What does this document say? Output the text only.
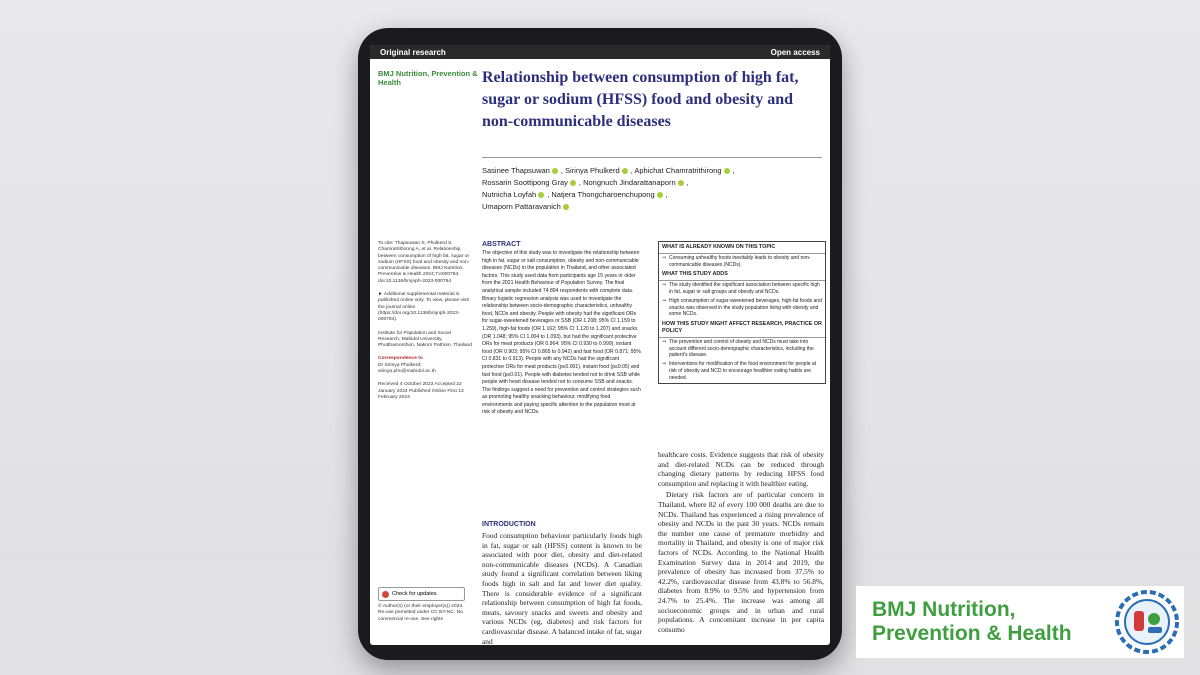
Original research	Open access
BMJ Nutrition, Prevention & Health	Relationship between consumption of high fat, sugar or sodium (HFSS) food and obesity and non-communicable diseases
Sasinee Thapsuwan , Sirinya Phulkerd , Aphichat Chamratrithirong ,
Rossarin Soottipong Gray , Nongnuch Jindarattanaporn ,
Nutnicha Loyfah , Natjera Thongcharoenchupong ,
Umaporn Pattaravanich

To cite: Thapsuwan S, Phulkerd S, Chamratrithirong A, et al. Relationship between consumption of high fat, sugar or sodium (HFSS) food and obesity and non-communicable diseases. BMJ Nutrition, Prevention & Health 2024;7:e000794. doi:10.1136/bmjnph-2023-000794

► Additional supplemental material is published online only. To view, please visit the journal online (https://doi.org/10.1136/bmjnph-2023-000794).

Institute for Population and Social Research, Mahidol University, Phutthamonthon, Nakorn Pathom, Thailand

Correspondence to
Dr Sirinya Phulkerd; sirinya.phu@mahidol.ac.th

Received 4 October 2023 Accepted 22 January 2024 Published Online First 13 February 2024

ABSTRACT
The objective of this study was to investigate the relationship between high in fat, sugar or salt consumption, obesity and non-communicable diseases (NCDs) in the population in Thailand, and other associated factors. This study used data from participants age 15 years or older from the 2021 Health Behaviour of Population Survey. The final analytical sample included 74 894 respondents with complete data. Binary logistic regression analysis was used to investigate the relationship between socio-demographic characteristics, unhealthy food, NCDs and obesity. People with obesity had the significant ORs for sugar-sweetened beverages or SSB (OR 1.208; 95% CI 1.159 to 1.259), high-fat foods (OR 1.162; 95% CI 1.120 to 1.207) and snacks (OR 1.048; 95% CI 1.004 to 1.093), but had the significant protective ORs for meat products (OR 0.964; 95% CI 0.930 to 0.999), instant food (OR 0.903; 95% CI 0.865 to 0.942) and fast food (OR 0.871; 95% CI 0.831 to 0.913). People with any NCDs had the significant protective ORs for meat products (p≤0.001), instant food (p≤0.05) and fast food (p≤0.01). People with diabetes tended not to drink SSB while people with heart disease tended not to consume SSB and snacks. The findings suggest a need for prevention and control strategies such as promoting healthy snacking behaviour, modifying food environments and paying specific attention to the population most at risk of obesity and NCDs.
WHAT IS ALREADY KNOWN ON THIS TOPIC
⇒ Consuming unhealthy foods inevitably leads to obesity and non-communicable diseases (NCDs).
WHAT THIS STUDY ADDS
⇒ The study identified the significant association between specific high in fat, sugar or salt groups and obesity and NCDs.
⇒ High consumption of sugar-sweetened beverages, high-fat foods and snacks was observed in the study population living with obesity and some NCDs.
HOW THIS STUDY MIGHT AFFECT RESEARCH, PRACTICE OR POLICY
⇒ The prevention and control of obesity and NCDs must take into account different socio-demographic characteristics, including the patient's disease.
⇒ Interventions for modification of the food environment for people at risk of obesity and NCD to encourage healthier eating habits are needed.
INTRODUCTION
Food consumption behaviour particularly foods high in fat, sugar or salt (HFSS) content is known to be associated with poor diet, obesity and diet-related non-communicable diseases (NCDs). A Canadian study found a significant correlation between liking foods high in salt and fat and lower diet quality. There is considerable evidence of a significant relationship between consumption of high fat foods, meats, savoury snacks and sweets and obesity and various NCDs (eg, diabetes) and risk factors for cardiovascular disease. A balanced intake of fat, sugar and

healthcare costs. Evidence suggests that risk of obesity and diet-related NCDs can be reduced through changing dietary patterns by reducing HFSS food consumption and replacing it with healthier eating.

Dietary risk factors are of particular concern in Thailand, where 82 of every 100 000 deaths are due to NCDs. Thailand has experienced a rising prevalence of obesity and NCDs in the past 30 years. NCDs remain the number one cause of premature morbidity and mortality in Thailand, and obesity is one of major risk factors of NCDs. According to the National Health Examination Survey data in 2014 and 2019, the prevalence of obesity has increased from 37.5% to 42.2%, cardiovascular disease from 43.8% to 56.8%, diabetes from 8.9% to 9.5% and hypertension from 24.7% to 25.4%. The increase was among all socioeconomic groups and in urban and rural populations. A concomitant increase in per capita consumo

Check for updates
© Author(s) (or their employer(s)) 2024. Re-use permitted under CC BY-NC. No commercial re-use. See rights	BMJ Nutrition,
Prevention & Health
